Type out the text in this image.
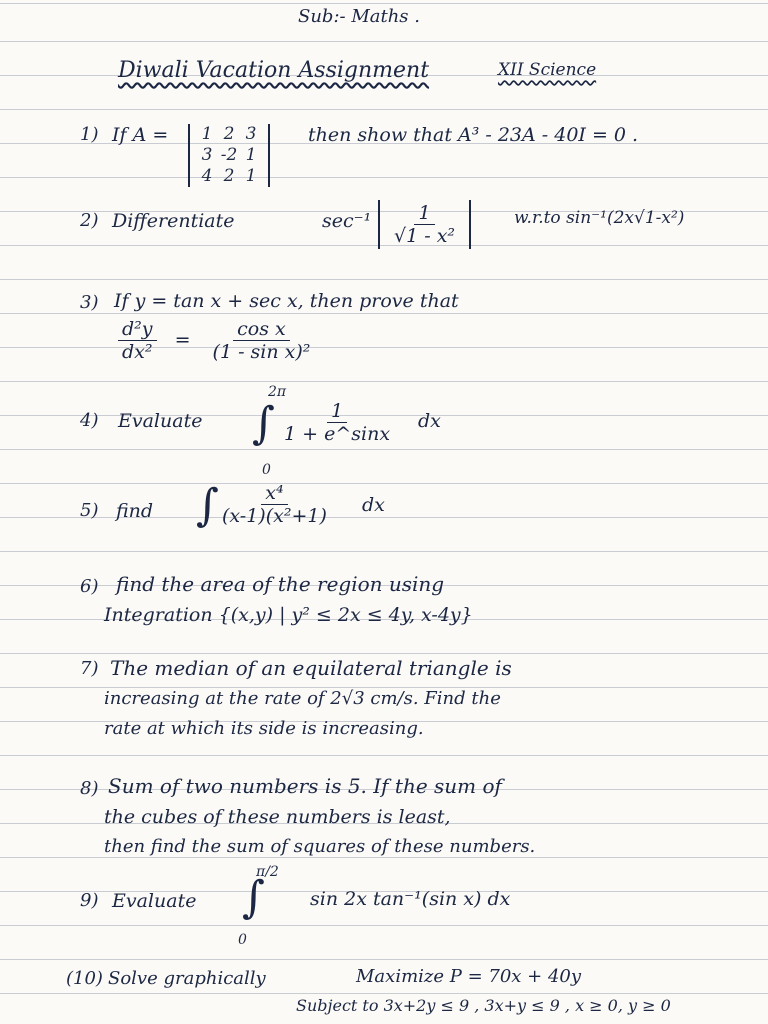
Sub:- Maths .
Diwali Vacation Assignment	XII Science
1) If A =	1 2 3
3 -2 1
4 2 1
then show that A³ - 23A - 40I = 0 .
2) Differentiate	$\sec^{-1} \frac{1}{\text{√1 - x²}}$	w.r.to sin⁻¹(2x√1-x²)
3) If y = tan x + sec x, then prove that
$\frac{\text{d²y}}{\text{dx²}} = \frac{\text{cos x}}{\text{(1 - sin x)²}}$
4) Evaluate
2π
∫
0
$\frac{1}{1 + e\^{}\sin x}$ dx
5) find ∫ $\frac{\text{x⁴}}{\text{(x-1)(x²+1)}}$ dx
6) find the area of the region using
Integration {(x,y) | y² ≤ 2x ≤ 4y, x-4y}
7) The median of an equilateral triangle is
increasing at the rate of 2√3 cm/s. Find the
rate at which its side is increasing.
8) Sum of two numbers is 5. If the sum of
the cubes of these numbers is least,
then find the sum of squares of these numbers.
9) Evaluate
π/2
∫
0
sin 2x tan⁻¹(sin x) dx
(10) Solve graphically	Maximize P = 70x + 40y
Subject to 3x+2y ≤ 9 , 3x+y ≤ 9 , x ≥ 0, y ≥ 0
